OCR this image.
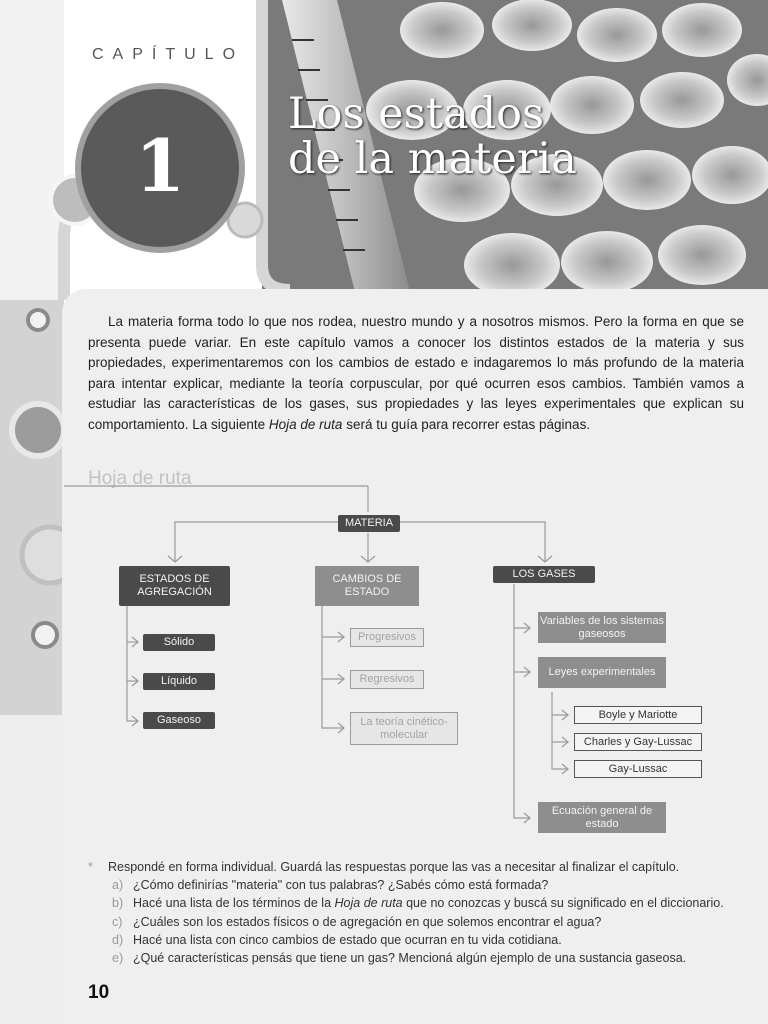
1
CAPÍTULO
Los estados
de la materia
La materia forma todo lo que nos rodea, nuestro mundo y a nosotros mismos. Pero la forma en que se presenta puede variar. En este capítulo vamos a conocer los distintos estados de la materia y sus propiedades, experimentaremos con los cambios de estado e indagaremos lo más profundo de la materia para intentar explicar, mediante la teoría corpuscular, por qué ocurren esos cambios. También vamos a estudiar las características de los gases, sus propiedades y las leyes experimentales que explican su comportamiento. La siguiente Hoja de ruta será tu guía para recorrer estas páginas.
Hoja de ruta
MATERIA
ESTADOS DE AGREGACIÓN
Sólido
Líquido
Gaseoso
CAMBIOS DE ESTADO
Progresivos
Regresivos
La teoría cinético-molecular
LOS GASES
Variables de los sistemas gaseosos
Leyes experimentales
Boyle y Mariotte
Charles y Gay-Lussac
Gay-Lussac
Ecuación general de estado
* Respondé en forma individual. Guardá las respuestas porque las vas a necesitar al finalizar el capítulo.
a) ¿Cómo definirías "materia" con tus palabras? ¿Sabés cómo está formada?
b) Hacé una lista de los términos de la Hoja de ruta que no conozcas y buscá su significado en el diccionario.
c) ¿Cuáles son los estados físicos o de agregación en que solemos encontrar el agua?
d) Hacé una lista con cinco cambios de estado que ocurran en tu vida cotidiana.
e) ¿Qué características pensás que tiene un gas? Mencioná algún ejemplo de una sustancia gaseosa.
10
